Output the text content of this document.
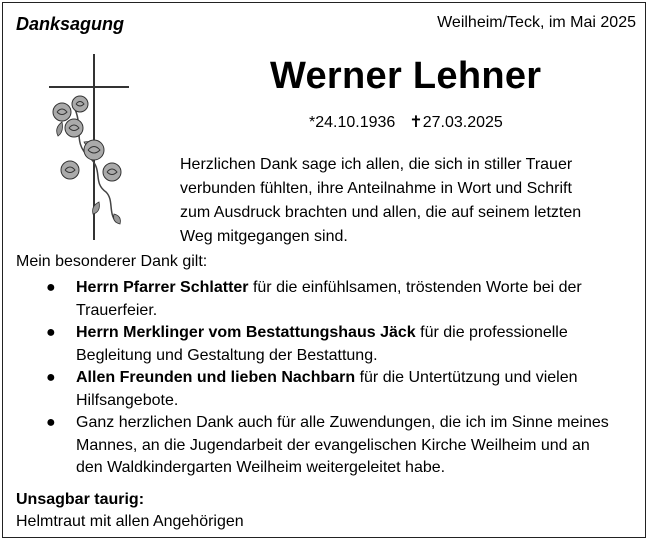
Danksagung	Weilheim/Teck, im Mai 2025
Werner Lehner
*24.10.1936 ✝27.03.2025
Herzlichen Dank sage ich allen, die sich in stiller Trauer
verbunden fühlten, ihre Anteilnahme in Wort und Schrift
zum Ausdruck brachten und allen, die auf seinem letzten
Weg mitgegangen sind.
Mein besonderer Dank gilt:
● Herrn Pfarrer Schlatter für die einfühlsamen, tröstenden Worte bei der
Trauerfeier.
● Herrn Merklinger vom Bestattungshaus Jäck für die professionelle
Begleitung und Gestaltung der Bestattung.
● Allen Freunden und lieben Nachbarn für die Untertützung und vielen
Hilfsangebote.
● Ganz herzlichen Dank auch für alle Zuwendungen, die ich im Sinne meines
Mannes, an die Jugendarbeit der evangelischen Kirche Weilheim und an
den Waldkindergarten Weilheim weitergeleitet habe.
Unsagbar taurig:
Helmtraut mit allen Angehörigen
